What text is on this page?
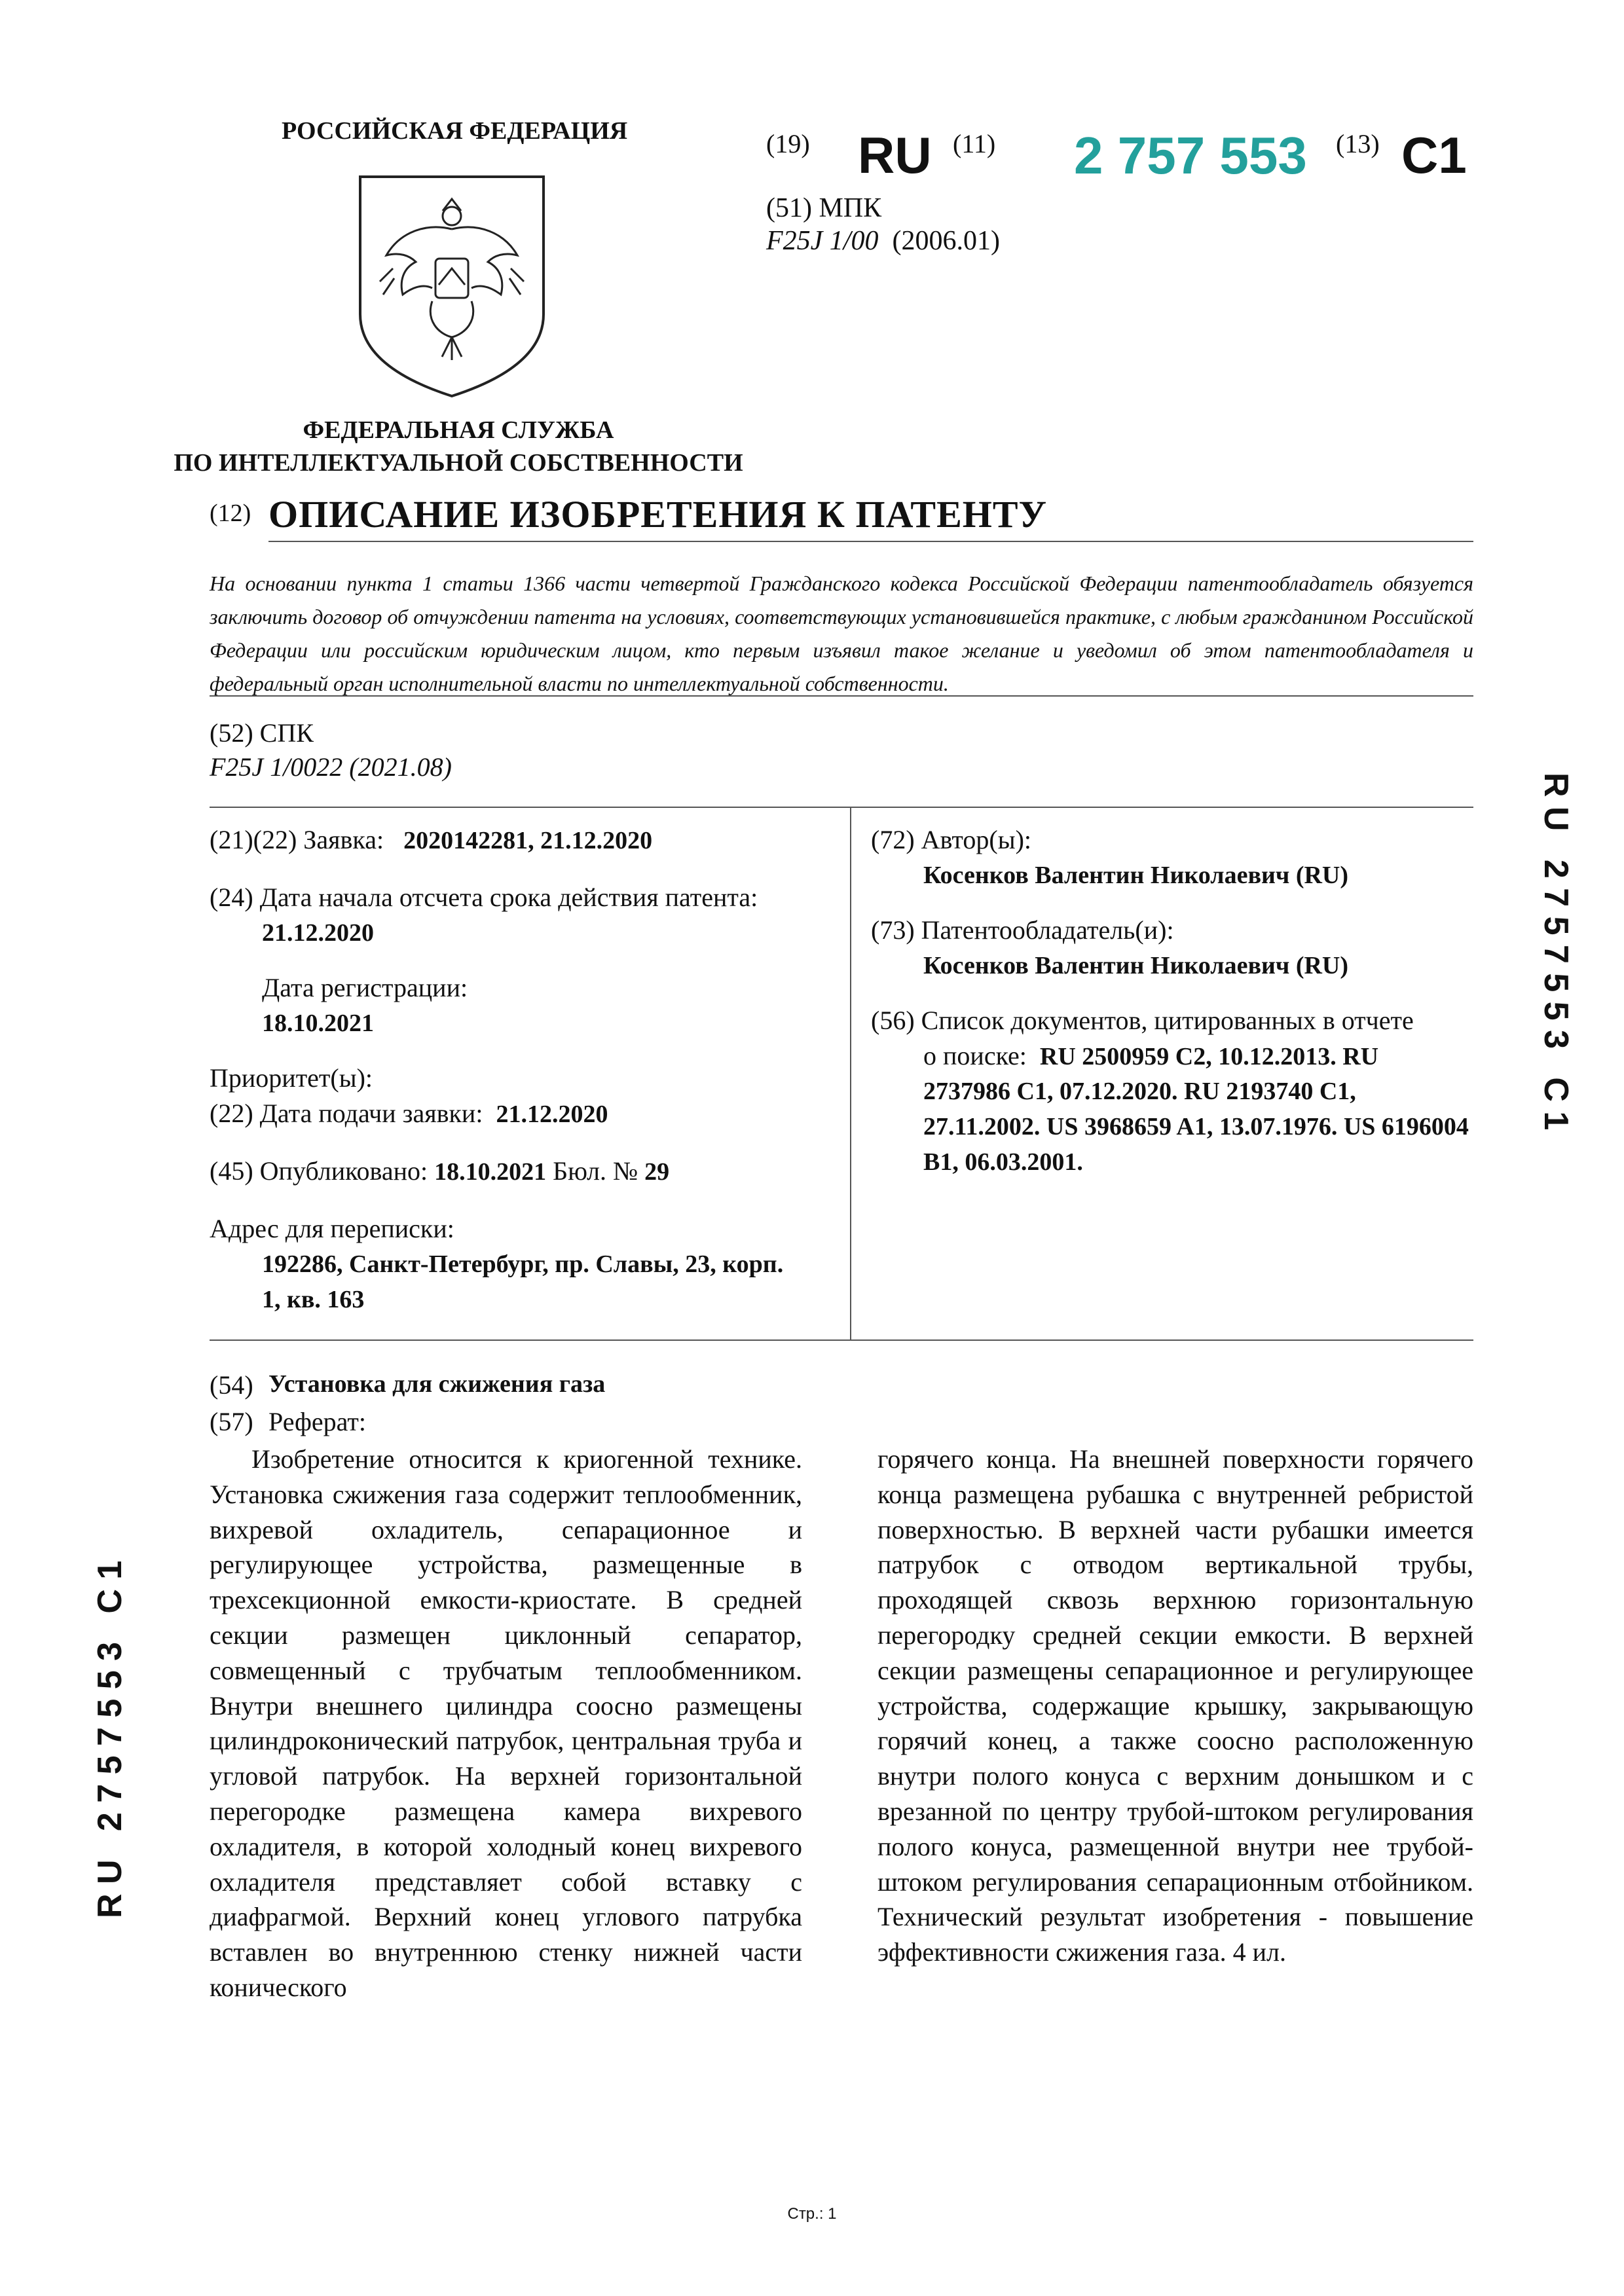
РОССИЙСКАЯ ФЕДЕРАЦИЯ
ФЕДЕРАЛЬНАЯ СЛУЖБА
ПО ИНТЕЛЛЕКТУАЛЬНОЙ СОБСТВЕННОСТИ
(19) RU (11) 2 757 553 (13) C1
(51) МПК
F25J 1/00 (2006.01)
(12) ОПИСАНИЕ ИЗОБРЕТЕНИЯ К ПАТЕНТУ
На основании пункта 1 статьи 1366 части четвертой Гражданского кодекса Российской Федерации патентообладатель обязуется заключить договор об отчуждении патента на условиях, соответствующих установившейся практике, с любым гражданином Российской Федерации или российским юридическим лицом, кто первым изъявил такое желание и уведомил об этом патентообладателя и федеральный орган исполнительной власти по интеллектуальной собственности.
(52) СПК
F25J 1/0022 (2021.08)
(21)(22) Заявка: 2020142281, 21.12.2020
(24) Дата начала отсчета срока действия патента:
21.12.2020
Дата регистрации:
18.10.2021
Приоритет(ы):
(22) Дата подачи заявки: 21.12.2020
(45) Опубликовано: 18.10.2021 Бюл. № 29
Адрес для переписки:
192286, Санкт-Петербург, пр. Славы, 23, корп.
1, кв. 163
(72) Автор(ы):
Косенков Валентин Николаевич (RU)
(73) Патентообладатель(и):
Косенков Валентин Николаевич (RU)
(56) Список документов, цитированных в отчете
о поиске: RU 2500959 C2, 10.12.2013. RU
2737986 C1, 07.12.2020. RU 2193740 C1,
27.11.2002. US 3968659 A1, 13.07.1976. US 6196004
B1, 06.03.2001.
R U   2 7 5 7 5 5 3   C 1
R U   2 7 5 7 5 5 3   C 1
(54) Установка для сжижения газа
(57) Реферат:
Изобретение относится к криогенной технике. Установка сжижения газа содержит теплообменник, вихревой охладитель, сепарационное и регулирующее устройства, размещенные в трехсекционной емкости-криостате. В средней секции размещен циклонный сепаратор, совмещенный с трубчатым теплообменником. Внутри внешнего цилиндра соосно размещены цилиндроконический патрубок, центральная труба и угловой патрубок. На верхней горизонтальной перегородке размещена камера вихревого охладителя, в которой холодный конец вихревого охладителя представляет собой вставку с диафрагмой. Верхний конец углового патрубка вставлен во внутреннюю стенку нижней части конического
горячего конца. На внешней поверхности горячего конца размещена рубашка с внутренней ребристой поверхностью. В верхней части рубашки имеется патрубок с отводом вертикальной трубы, проходящей сквозь верхнюю горизонтальную перегородку средней секции емкости. В верхней секции размещены сепарационное и регулирующее устройства, содержащие крышку, закрывающую горячий конец, а также соосно расположенную внутри полого конуса с верхним донышком и с врезанной по центру трубой-штоком регулирования полого конуса, размещенной внутри нее трубой-штоком регулирования сепарационным отбойником. Технический результат изобретения - повышение эффективности сжижения газа. 4 ил.
Стр.: 1
